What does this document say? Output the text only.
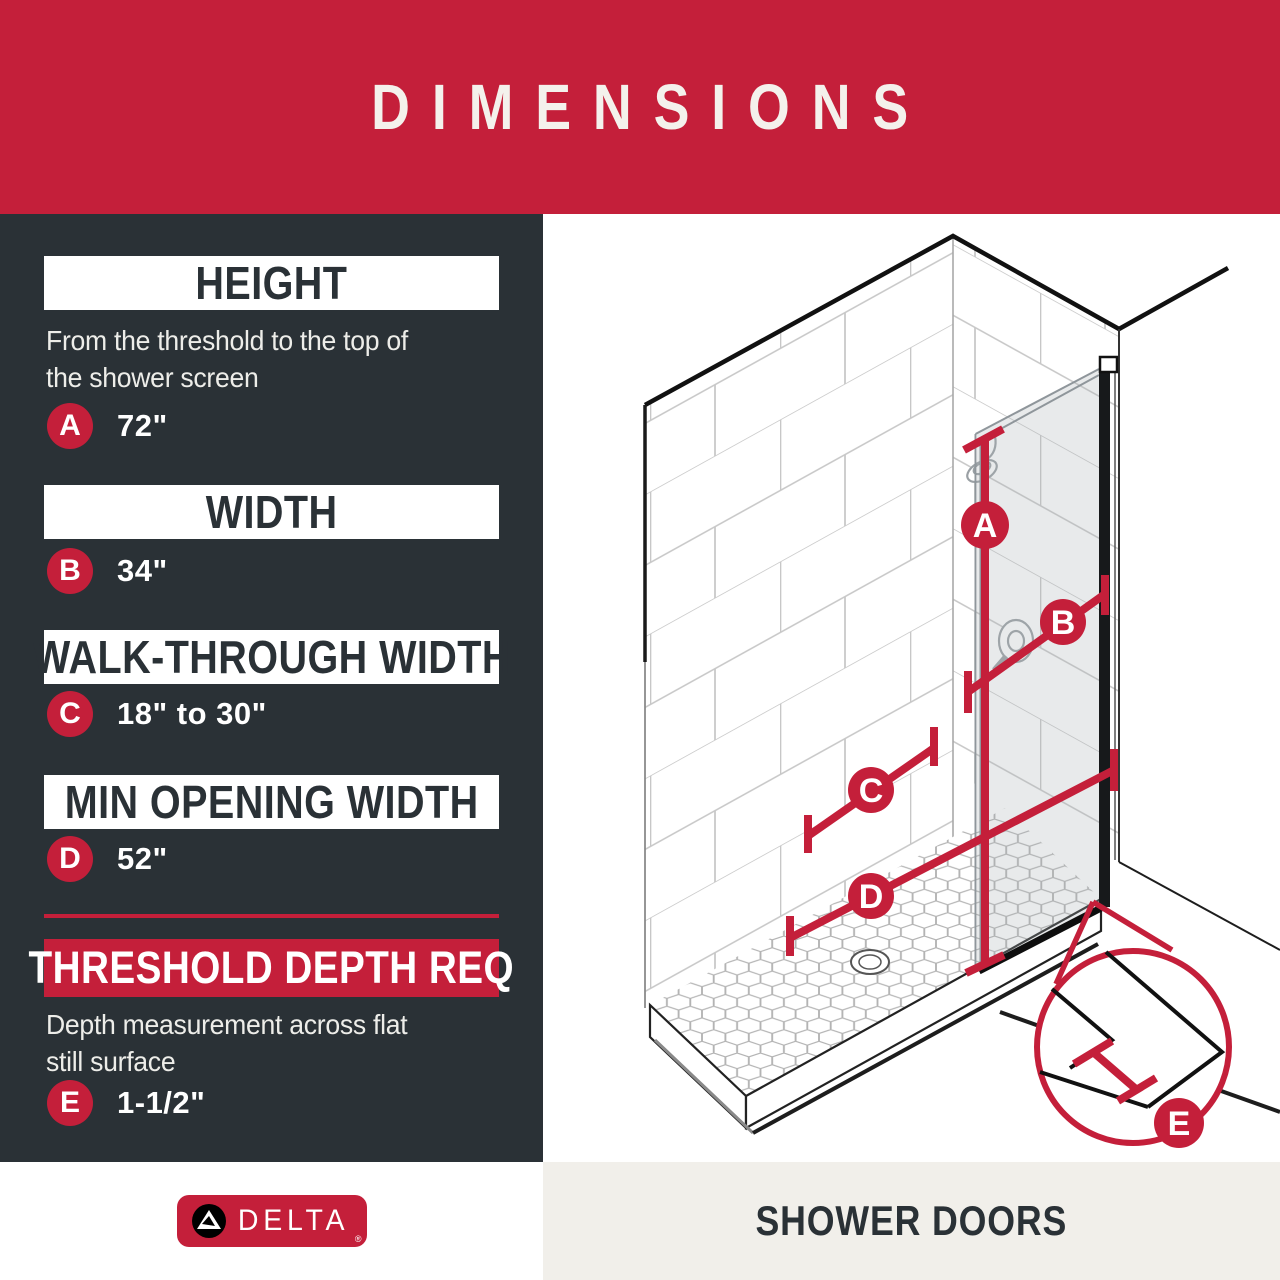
DIMENSIONS
HEIGHT
From the threshold to the top of
the shower screen
A	72"
WIDTH
B	34"
WALK-THROUGH WIDTH
C	18" to 30"
MIN OPENING WIDTH
D	52"
THRESHOLD DEPTH REQ
Depth measurement across flat
still surface
E	1-1/2"
A
B
C
D
E
DELTA
®	SHOWER DOORS
